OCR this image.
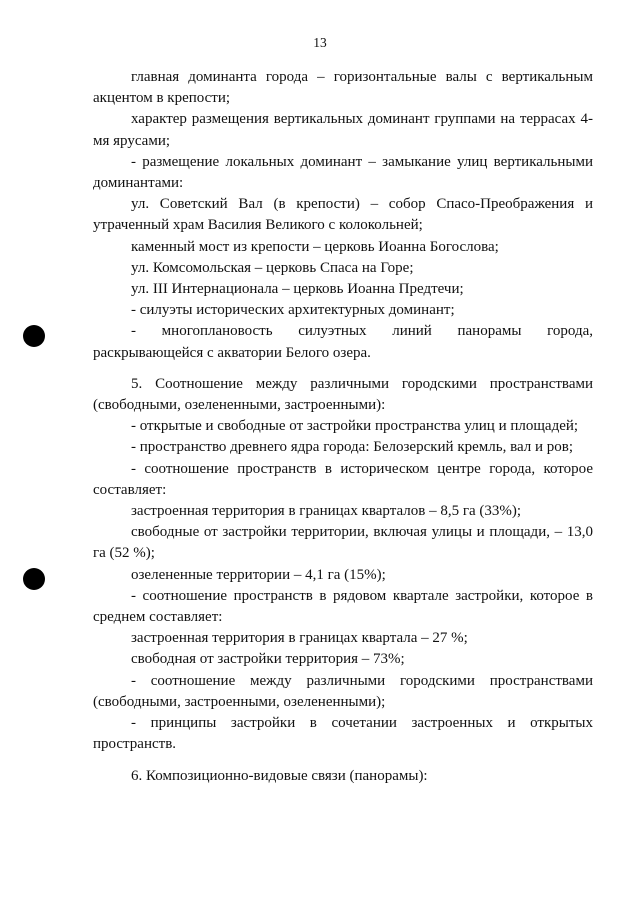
13

главная доминанта города – горизонтальные валы с вертикальным акцентом в крепости;

характер размещения вертикальных доминант группами на террасах 4-мя ярусами;

- размещение локальных доминант – замыкание улиц вертикальными доминантами:

ул. Советский Вал (в крепости) – собор Спасо-Преображения и утраченный храм Василия Великого с колокольней;

каменный мост из крепости – церковь Иоанна Богослова;

ул. Комсомольская – церковь Спаса на Горе;

ул. III Интернационала – церковь Иоанна Предтечи;

- силуэты исторических архитектурных доминант;

- многоплановость силуэтных линий панорамы города, раскрывающейся с акватории Белого озера.

5. Соотношение между различными городскими пространствами (свободными, озелененными, застроенными):

- открытые и свободные от застройки пространства улиц и площадей;

- пространство древнего ядра города: Белозерский кремль, вал и ров;

- соотношение пространств в историческом центре города, которое составляет:

застроенная территория в границах кварталов – 8,5 га (33%);

свободные от застройки территории, включая улицы и площади, – 13,0 га (52 %);

озелененные территории – 4,1 га (15%);

- соотношение пространств в рядовом квартале застройки, которое в среднем составляет:

застроенная территория в границах квартала – 27 %;

свободная от застройки территория – 73%;

- соотношение между различными городскими пространствами (свободными, застроенными, озелененными);

- принципы застройки в сочетании застроенных и открытых пространств.

6. Композиционно-видовые связи (панорамы):
